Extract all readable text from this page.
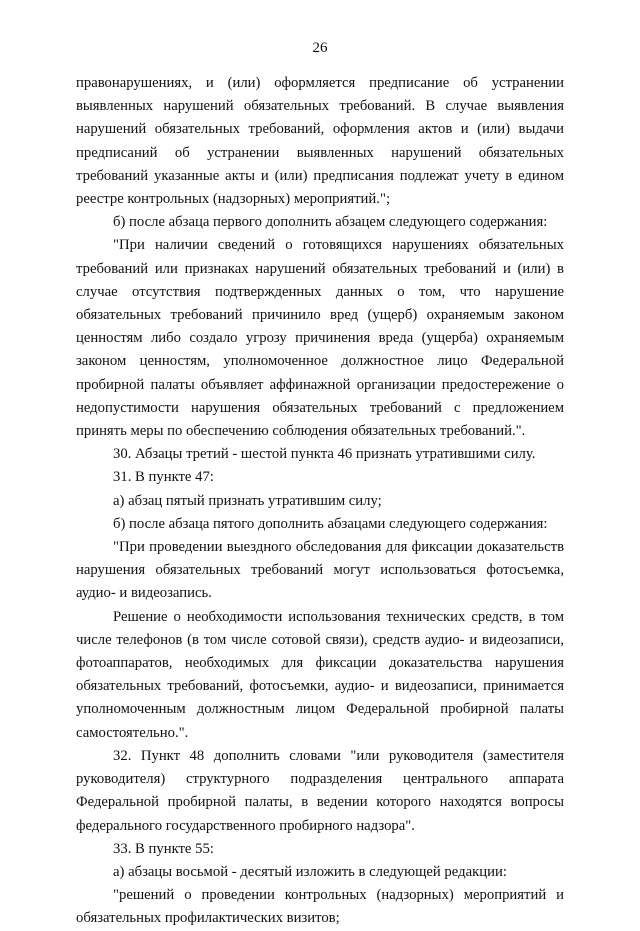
26

правонарушениях, и (или) оформляется предписание об устранении выявленных нарушений обязательных требований. В случае выявления нарушений обязательных требований, оформления актов и (или) выдачи предписаний об устранении выявленных нарушений обязательных требований указанные акты и (или) предписания подлежат учету в едином реестре контрольных (надзорных) мероприятий.";

б) после абзаца первого дополнить абзацем следующего содержания:

"При наличии сведений о готовящихся нарушениях обязательных требований или признаках нарушений обязательных требований и (или) в случае отсутствия подтвержденных данных о том, что нарушение обязательных требований причинило вред (ущерб) охраняемым законом ценностям либо создало угрозу причинения вреда (ущерба) охраняемым законом ценностям, уполномоченное должностное лицо Федеральной пробирной палаты объявляет аффинажной организации предостережение о недопустимости нарушения обязательных требований с предложением принять меры по обеспечению соблюдения обязательных требований.".

30. Абзацы третий - шестой пункта 46 признать утратившими силу.

31. В пункте 47:

а) абзац пятый признать утратившим силу;

б) после абзаца пятого дополнить абзацами следующего содержания:

"При проведении выездного обследования для фиксации доказательств нарушения обязательных требований могут использоваться фотосъемка, аудио- и видеозапись.

Решение о необходимости использования технических средств, в том числе телефонов (в том числе сотовой связи), средств аудио- и видеозаписи, фотоаппаратов, необходимых для фиксации доказательства нарушения обязательных требований, фотосъемки, аудио- и видеозаписи, принимается уполномоченным должностным лицом Федеральной пробирной палаты самостоятельно.".

32. Пункт 48 дополнить словами "или руководителя (заместителя руководителя) структурного подразделения центрального аппарата Федеральной пробирной палаты, в ведении которого находятся вопросы федерального государственного пробирного надзора".

33. В пункте 55:

а) абзацы восьмой - десятый изложить в следующей редакции:

"решений о проведении контрольных (надзорных) мероприятий и обязательных профилактических визитов;
